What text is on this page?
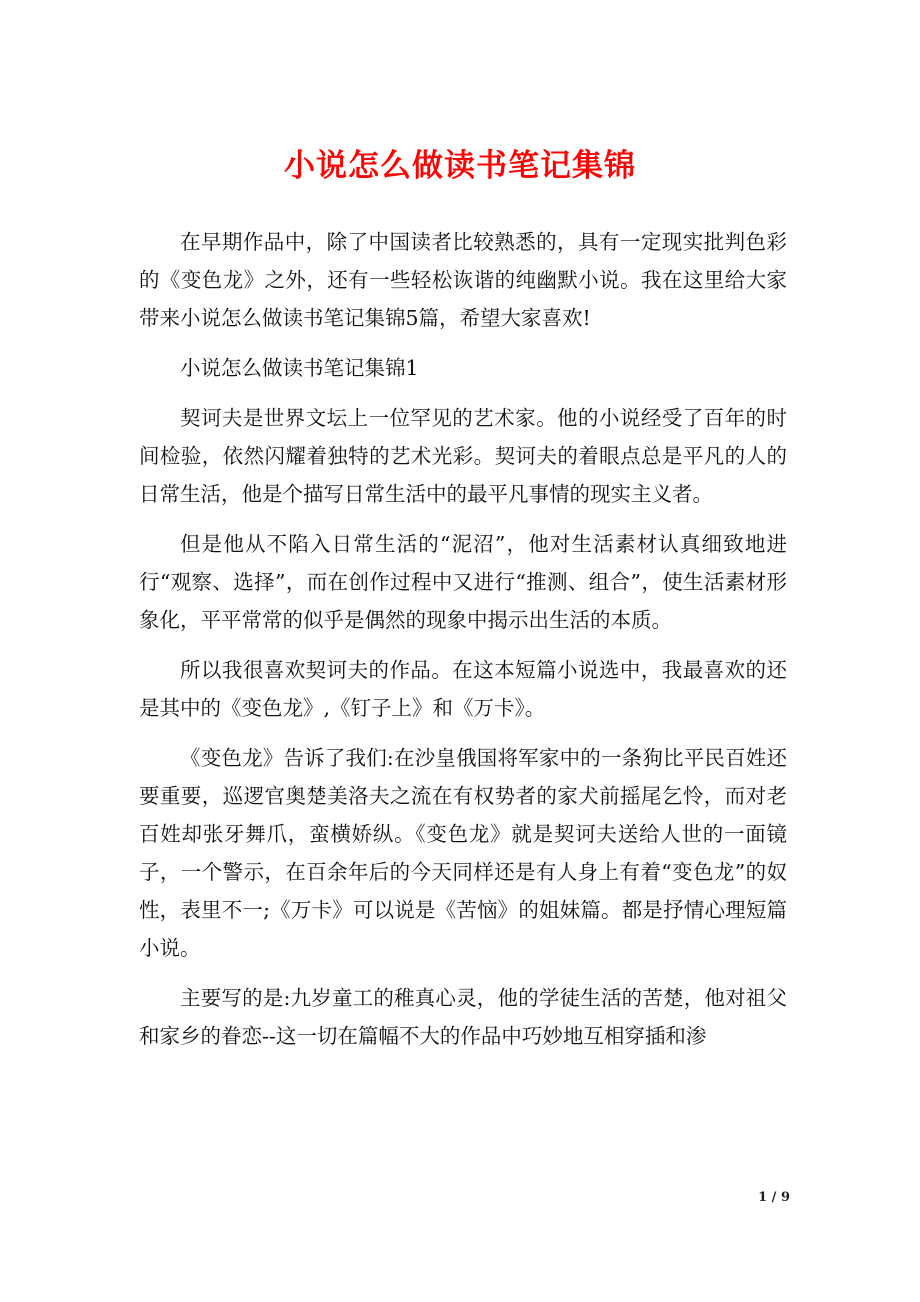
小说怎么做读书笔记集锦

在早期作品中，除了中国读者比较熟悉的，具有一定现实批判色彩的《变色龙》之外，还有一些轻松诙谐的纯幽默小说。我在这里给大家带来小说怎么做读书笔记集锦5篇，希望大家喜欢!

小说怎么做读书笔记集锦1

契诃夫是世界文坛上一位罕见的艺术家。他的小说经受了百年的时间检验，依然闪耀着独特的艺术光彩。契诃夫的着眼点总是平凡的人的日常生活，他是个描写日常生活中的最平凡事情的现实主义者。

但是他从不陷入日常生活的“泥沼”，他对生活素材认真细致地进行“观察、选择”，而在创作过程中又进行“推测、组合”，使生活素材形象化，平平常常的似乎是偶然的现象中揭示出生活的本质。

所以我很喜欢契诃夫的作品。在这本短篇小说选中，我最喜欢的还是其中的《变色龙》,《钉子上》和《万卡》。

《变色龙》告诉了我们:在沙皇俄国将军家中的一条狗比平民百姓还要重要，巡逻官奥楚美洛夫之流在有权势者的家犬前摇尾乞怜，而对老百姓却张牙舞爪，蛮横娇纵。《变色龙》就是契诃夫送给人世的一面镜子，一个警示，在百余年后的今天同样还是有人身上有着“变色龙”的奴性，表里不一;《万卡》可以说是《苦恼》的姐妹篇。都是抒情心理短篇小说。

主要写的是:九岁童工的稚真心灵，他的学徒生活的苦楚，他对祖父和家乡的眷恋--这一切在篇幅不大的作品中巧妙地互相穿插和渗

1 / 9
